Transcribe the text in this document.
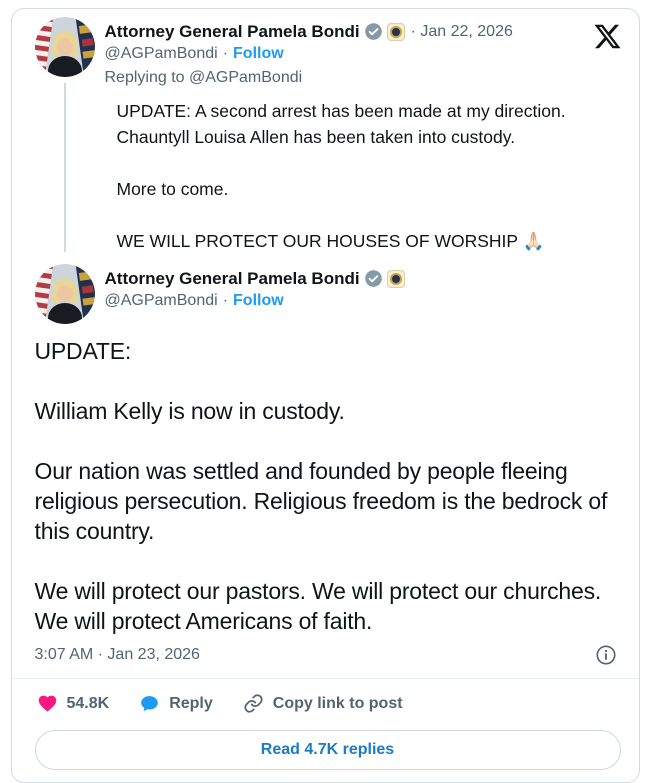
Attorney General Pamela Bondi	· Jan 22, 2026
@AGPamBondi · Follow
Replying to @AGPamBondi

UPDATE: A second arrest has been made at my direction. Chauntyll Louisa Allen has been taken into custody.

More to come.

WE WILL PROTECT OUR HOUSES OF WORSHIP 🙏🏻

Attorney General Pamela Bondi
@AGPamBondi · Follow

UPDATE:

William Kelly is now in custody.

Our nation was settled and founded by people fleeing religious persecution. Religious freedom is the bedrock of this country.

We will protect our pastors. We will protect our churches. We will protect Americans of faith.

3:07 AM · Jan 23, 2026
54.8K	Reply	Copy link to post
Read 4.7K replies
